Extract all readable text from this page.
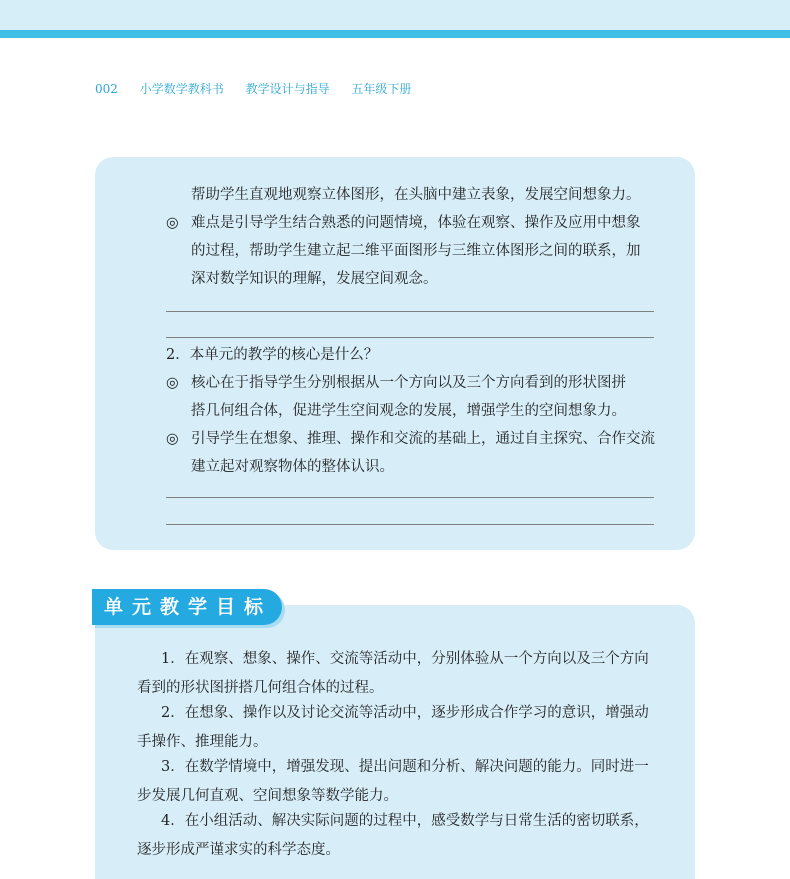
002 小学数学教科书 教学设计与指导 五年级下册
帮助学生直观地观察立体图形，在头脑中建立表象，发展空间想象力。
◎ 难点是引导学生结合熟悉的问题情境，体验在观察、操作及应用中想象
的过程，帮助学生建立起二维平面图形与三维立体图形之间的联系，加
深对数学知识的理解，发展空间观念。
2．本单元的教学的核心是什么？
◎ 核心在于指导学生分别根据从一个方向以及三个方向看到的形状图拼
搭几何组合体，促进学生空间观念的发展，增强学生的空间想象力。
◎ 引导学生在想象、推理、操作和交流的基础上，通过自主探究、合作交流
建立起对观察物体的整体认识。
单元教学目标
1．在观察、想象、操作、交流等活动中，分别体验从一个方向以及三个方向
看到的形状图拼搭几何组合体的过程。
2．在想象、操作以及讨论交流等活动中，逐步形成合作学习的意识，增强动
手操作、推理能力。
3．在数学情境中，增强发现、提出问题和分析、解决问题的能力。同时进一
步发展几何直观、空间想象等数学能力。
4．在小组活动、解决实际问题的过程中，感受数学与日常生活的密切联系，
逐步形成严谨求实的科学态度。
